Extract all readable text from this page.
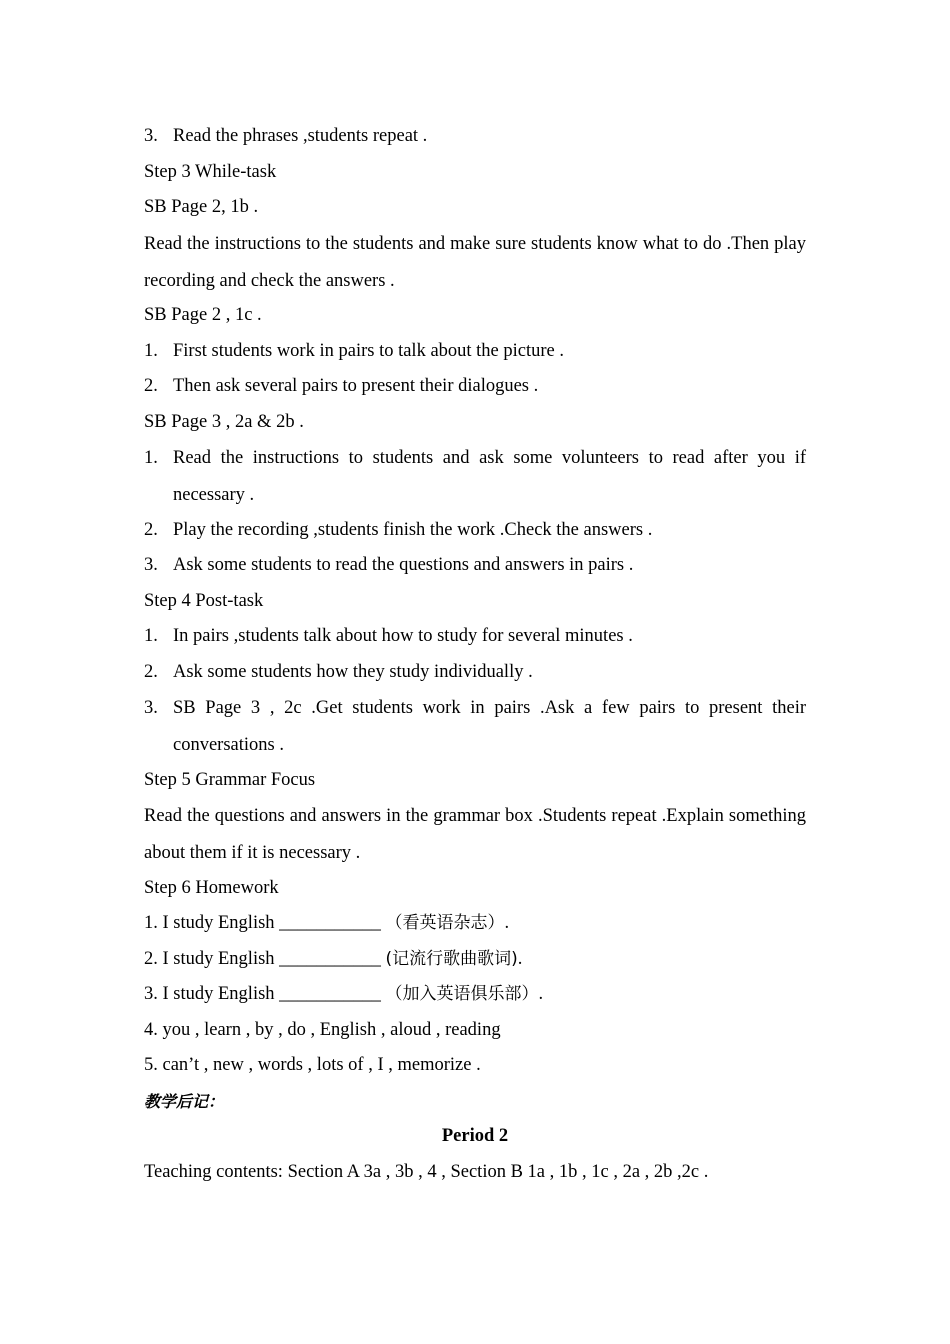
3. Read the phrases ,students repeat .
Step 3 While-task
SB Page 2, 1b .
Read the instructions to the students and make sure students know what to do .Then play recording and check the answers .
SB Page 2 , 1c .
1. First students work in pairs to talk about the picture .
2. Then ask several pairs to present their dialogues .
SB Page 3 , 2a & 2b .
1. Read the instructions to students and ask some volunteers to read after you if necessary .
2. Play the recording ,students finish the work .Check the answers .
3. Ask some students to read the questions and answers in pairs .
Step 4 Post-task
1. In pairs ,students talk about how to study for several minutes .
2. Ask some students how they study individually .
3. SB Page 3 , 2c .Get students work in pairs .Ask a few pairs to present their conversations .
Step 5 Grammar Focus
Read the questions and answers in the grammar box .Students repeat .Explain something about them if it is necessary .
Step 6 Homework
1. I study English ___________ （看英语杂志）.
2. I study English ___________ (记流行歌曲歌词).
3. I study English ___________ （加入英语俱乐部）.
4. you , learn , by , do , English , aloud , reading
5. can’t , new , words , lots of , I , memorize .
教学后记：
Period 2
Teaching contents: Section A 3a , 3b , 4 , Section B 1a , 1b , 1c , 2a , 2b ,2c .
